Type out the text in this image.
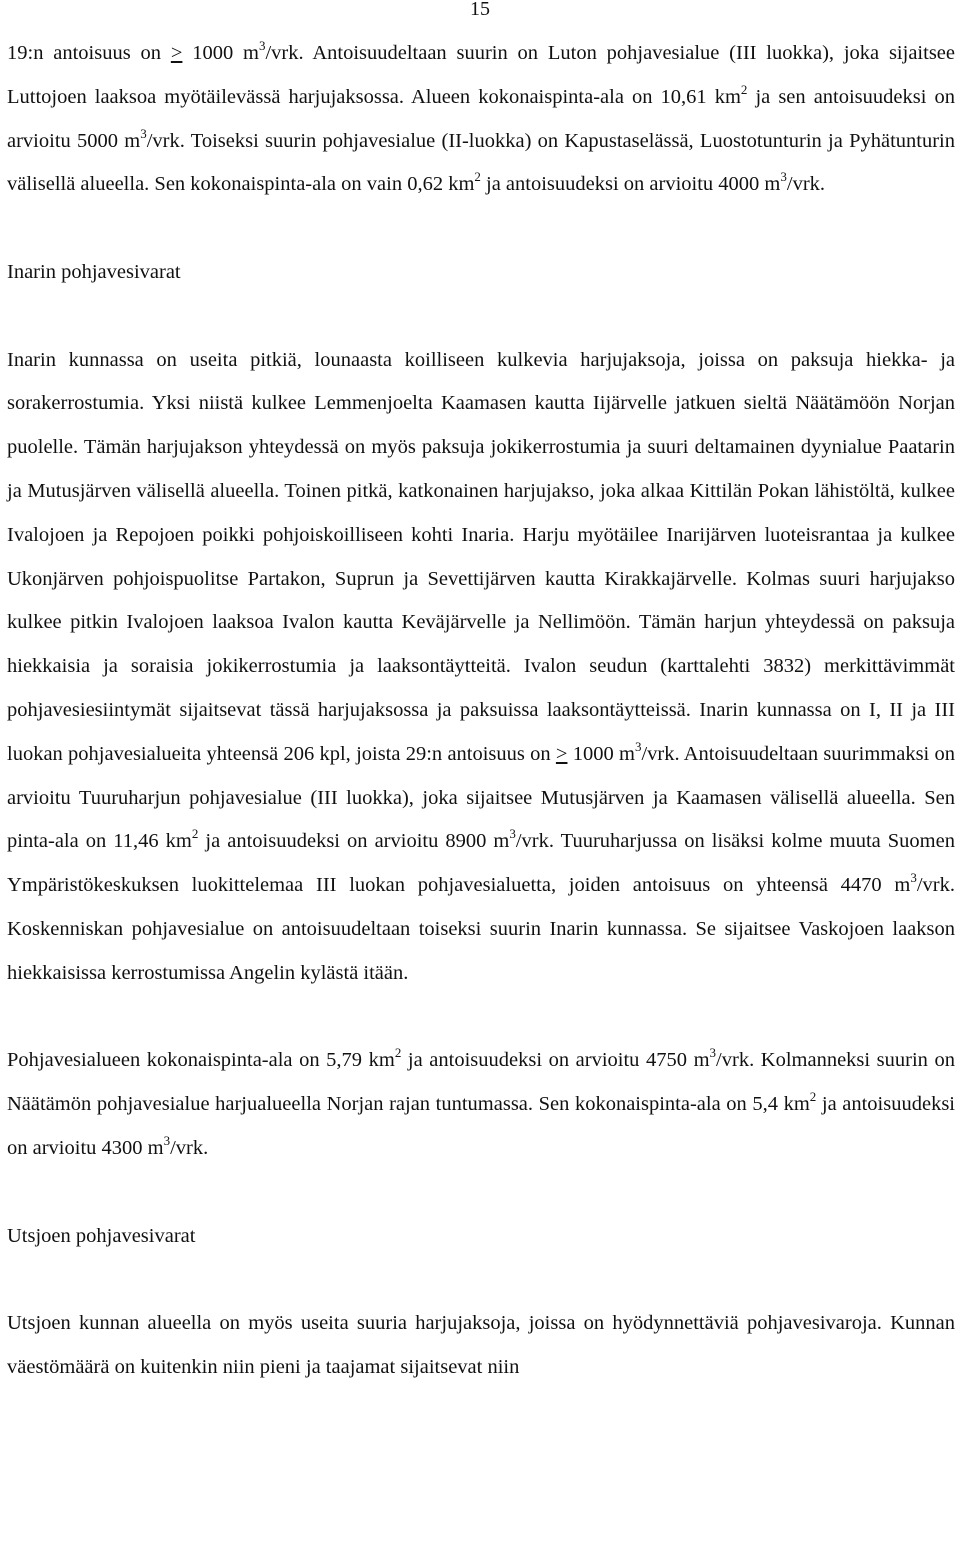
15

19:n antoisuus on ≥ 1000 $m^3$/vrk. Antoisuudeltaan suurin on Luton pohjavesialue (III luokka), joka sijaitsee Luttojoen laaksoa myötäilevässä harjujaksossa. Alueen kokonaispinta-ala on 10,61 $km^2$ ja sen antoisuudeksi on arvioitu 5000 $m^3$/vrk. Toiseksi suurin pohjavesialue (II-luokka) on Kapustaselässä, Luostotunturin ja Pyhätunturin välisellä alueella. Sen kokonaispinta-ala on vain 0,62 $km^2$ ja antoisuudeksi on arvioitu 4000 $m^3$/vrk.

Inarin pohjavesivarat

Inarin kunnassa on useita pitkiä, lounaasta koilliseen kulkevia harjujaksoja, joissa on paksuja hiekka- ja sorakerrostumia. Yksi niistä kulkee Lemmenjoelta Kaamasen kautta Iijärvelle jatkuen sieltä Näätämöön Norjan puolelle. Tämän harjujakson yhteydessä on myös paksuja jokikerrostumia ja suuri deltamainen dyynialue Paatarin ja Mutusjärven välisellä alueella. Toinen pitkä, katkonainen harjujakso, joka alkaa Kittilän Pokan lähistöltä, kulkee Ivalojoen ja Repojoen poikki pohjoiskoilliseen kohti Inaria. Harju myötäilee Inarijärven luoteisrantaa ja kulkee Ukonjärven pohjoispuolitse Partakon, Suprun ja Sevettijärven kautta Kirakkajärvelle. Kolmas suuri harjujakso kulkee pitkin Ivalojoen laaksoa Ivalon kautta Keväjärvelle ja Nellimöön. Tämän harjun yhteydessä on paksuja hiekkaisia ja soraisia jokikerrostumia ja laaksontäytteitä. Ivalon seudun (karttalehti 3832) merkittävimmät pohjavesiesiintymät sijaitsevat tässä harjujaksossa ja paksuissa laaksontäytteissä. Inarin kunnassa on I, II ja III luokan pohjavesialueita yhteensä 206 kpl, joista 29:n antoisuus on ≥ 1000 $m^3$/vrk. Antoisuudeltaan suurimmaksi on arvioitu Tuuruharjun pohjavesialue (III luokka), joka sijaitsee Mutusjärven ja Kaamasen välisellä alueella. Sen pinta-ala on 11,46 $km^2$ ja antoisuudeksi on arvioitu 8900 $m^3$/vrk. Tuuruharjussa on lisäksi kolme muuta Suomen Ympäristökeskuksen luokittelemaa III luokan pohjavesialuetta, joiden antoisuus on yhteensä 4470 $m^3$/vrk. Koskenniskan pohjavesialue on antoisuudeltaan toiseksi suurin Inarin kunnassa. Se sijaitsee Vaskojoen laakson hiekkaisissa kerrostumissa Angelin kylästä itään.

Pohjavesialueen kokonaispinta-ala on 5,79 $km^2$ ja antoisuudeksi on arvioitu 4750 $m^3$/vrk. Kolmanneksi suurin on Näätämön pohjavesialue harjualueella Norjan rajan tuntumassa. Sen kokonaispinta-ala on 5,4 $km^2$ ja antoisuudeksi on arvioitu 4300 $m^3$/vrk.

Utsjoen pohjavesivarat

Utsjoen kunnan alueella on myös useita suuria harjujaksoja, joissa on hyödynnettäviä pohjavesivaroja. Kunnan väestömäärä on kuitenkin niin pieni ja taajamat sijaitsevat niin
